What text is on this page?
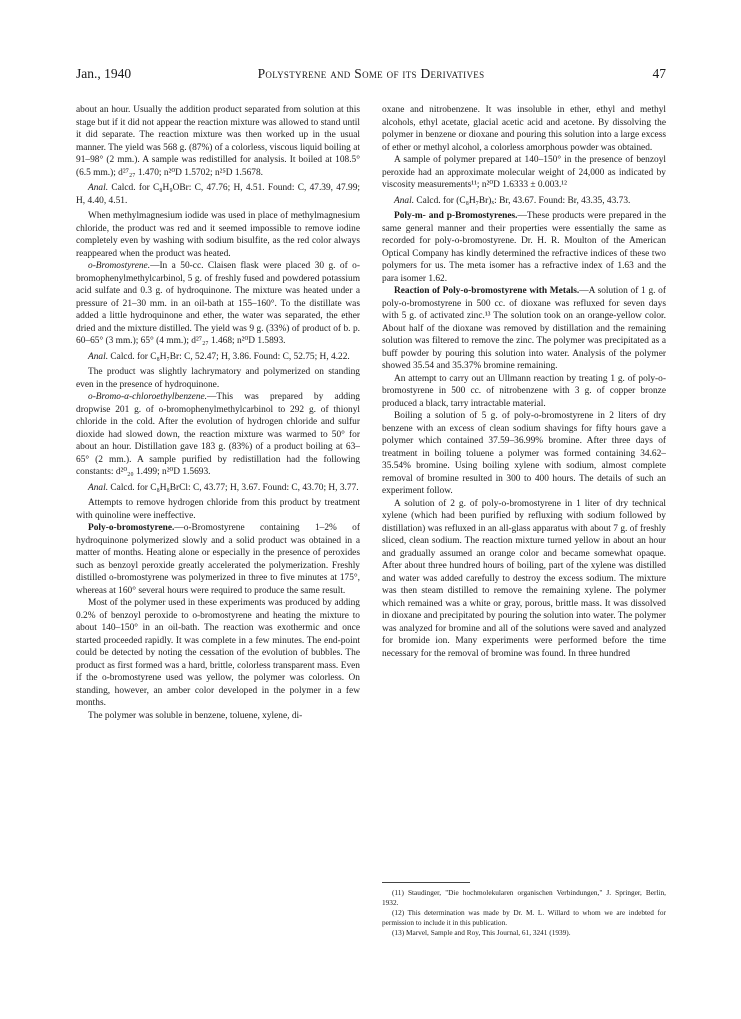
Jan., 1940	Polystyrene and Some of its Derivatives	47

about an hour. Usually the addition product separated from solution at this stage but if it did not appear the reaction mixture was allowed to stand until it did separate. The reaction mixture was then worked up in the usual manner. The yield was 568 g. (87%) of a colorless, viscous liquid boiling at 91–98° (2 mm.). A sample was redistilled for analysis. It boiled at 108.5° (6.5 mm.); d²⁷₂₇ 1.470; n²⁰D 1.5702; n²⁵D 1.5678.

Anal. Calcd. for C₈H₉OBr: C, 47.76; H, 4.51. Found: C, 47.39, 47.99; H, 4.40, 4.51.

When methylmagnesium iodide was used in place of methylmagnesium chloride, the product was red and it seemed impossible to remove iodine completely even by washing with sodium bisulfite, as the red color always reappeared when the product was heated.

o-Bromostyrene.—In a 50-cc. Claisen flask were placed 30 g. of o-bromophenylmethylcarbinol, 5 g. of freshly fused and powdered potassium acid sulfate and 0.3 g. of hydroquinone. The mixture was heated under a pressure of 21–30 mm. in an oil-bath at 155–160°. To the distillate was added a little hydroquinone and ether, the water was separated, the ether dried and the mixture distilled. The yield was 9 g. (33%) of product of b. p. 60–65° (3 mm.); 65° (4 mm.); d²⁷₂₇ 1.468; n²⁰D 1.5893.

Anal. Calcd. for C₈H₇Br: C, 52.47; H, 3.86. Found: C, 52.75; H, 4.22.

The product was slightly lachrymatory and polymerized on standing even in the presence of hydroquinone.

o-Bromo-α-chloroethylbenzene.—This was prepared by adding dropwise 201 g. of o-bromophenylmethylcarbinol to 292 g. of thionyl chloride in the cold. After the evolution of hydrogen chloride and sulfur dioxide had slowed down, the reaction mixture was warmed to 50° for about an hour. Distillation gave 183 g. (83%) of a product boiling at 63–65° (2 mm.). A sample purified by redistillation had the following constants: d²⁰₂₀ 1.499; n²⁰D 1.5693.

Anal. Calcd. for C₈H₈BrCl: C, 43.77; H, 3.67. Found: C, 43.70; H, 3.77.

Attempts to remove hydrogen chloride from this product by treatment with quinoline were ineffective.

Poly-o-bromostyrene.—o-Bromostyrene containing 1–2% of hydroquinone polymerized slowly and a solid product was obtained in a matter of months. Heating alone or especially in the presence of peroxides such as benzoyl peroxide greatly accelerated the polymerization. Freshly distilled o-bromostyrene was polymerized in three to five minutes at 175°, whereas at 160° several hours were required to produce the same result.

Most of the polymer used in these experiments was produced by adding 0.2% of benzoyl peroxide to o-bromostyrene and heating the mixture to about 140–150° in an oil-bath. The reaction was exothermic and once started proceeded rapidly. It was complete in a few minutes. The end-point could be detected by noting the cessation of the evolution of bubbles. The product as first formed was a hard, brittle, colorless transparent mass. Even if the o-bromostyrene used was yellow, the polymer was colorless. On standing, however, an amber color developed in the polymer in a few months.

The polymer was soluble in benzene, toluene, xylene, di-

oxane and nitrobenzene. It was insoluble in ether, ethyl and methyl alcohols, ethyl acetate, glacial acetic acid and acetone. By dissolving the polymer in benzene or dioxane and pouring this solution into a large excess of ether or methyl alcohol, a colorless amorphous powder was obtained.

A sample of polymer prepared at 140–150° in the presence of benzoyl peroxide had an approximate molecular weight of 24,000 as indicated by viscosity measurements¹¹; n²⁰D 1.6333 ± 0.003.¹²

Anal. Calcd. for (C₈H₇Br)ₓ: Br, 43.67. Found: Br, 43.35, 43.73.

Poly-m- and p-Bromostyrenes.—These products were prepared in the same general manner and their properties were essentially the same as recorded for poly-o-bromostyrene. Dr. H. R. Moulton of the American Optical Company has kindly determined the refractive indices of these two polymers for us. The meta isomer has a refractive index of 1.63 and the para isomer 1.62.

Reaction of Poly-o-bromostyrene with Metals.—A solution of 1 g. of poly-o-bromostyrene in 500 cc. of dioxane was refluxed for seven days with 5 g. of activated zinc.¹³ The solution took on an orange-yellow color. About half of the dioxane was removed by distillation and the remaining solution was filtered to remove the zinc. The polymer was precipitated as a buff powder by pouring this solution into water. Analysis of the polymer showed 35.54 and 35.37% bromine remaining.

An attempt to carry out an Ullmann reaction by treating 1 g. of poly-o-bromostyrene in 500 cc. of nitrobenzene with 3 g. of copper bronze produced a black, tarry intractable material.

Boiling a solution of 5 g. of poly-o-bromostyrene in 2 liters of dry benzene with an excess of clean sodium shavings for fifty hours gave a polymer which contained 37.59–36.99% bromine. After three days of treatment in boiling toluene a polymer was formed containing 34.62–35.54% bromine. Using boiling xylene with sodium, almost complete removal of bromine resulted in 300 to 400 hours. The details of such an experiment follow.

A solution of 2 g. of poly-o-bromostyrene in 1 liter of dry technical xylene (which had been purified by refluxing with sodium followed by distillation) was refluxed in an all-glass apparatus with about 7 g. of freshly sliced, clean sodium. The reaction mixture turned yellow in about an hour and gradually assumed an orange color and became somewhat opaque. After about three hundred hours of boiling, part of the xylene was distilled and water was added carefully to destroy the excess sodium. The mixture was then steam distilled to remove the remaining xylene. The polymer which remained was a white or gray, porous, brittle mass. It was dissolved in dioxane and precipitated by pouring the solution into water. The polymer was analyzed for bromine and all of the solutions were saved and analyzed for bromide ion. Many experiments were performed before the time necessary for the removal of bromine was found. In three hundred

(11) Staudinger, "Die hochmolekularen organischen Verbindungen," J. Springer, Berlin, 1932.

(12) This determination was made by Dr. M. L. Willard to whom we are indebted for permission to include it in this publication.

(13) Marvel, Sample and Roy, This Journal, 61, 3241 (1939).
